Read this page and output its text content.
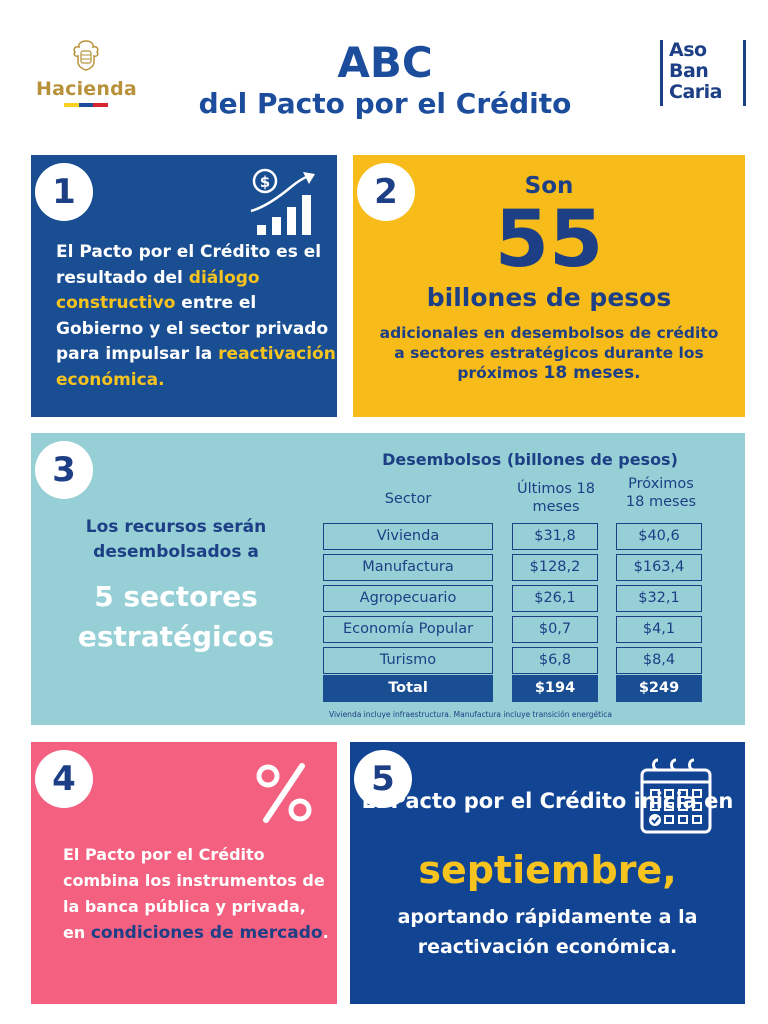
Hacienda
ABC
del Pacto por el Crédito
Aso
Ban
Caria
1	$
El Pacto por el Crédito es el resultado del diálogo constructivo entre el Gobierno y el sector privado para impulsar la reactivación económica.
2	Son
55
billones de pesos
adicionales en desembolsos de crédito a sectores estratégicos durante los próximos 18 meses.
3
Los recursos serán desembolsados a
5 sectores estratégicos
Desembolsos (billones de pesos)
Sector
Últimos 18 meses
Próximos 18 meses
Vivienda	$31,8	$40,6
Manufactura	$128,2	$163,4
Agropecuario	$26,1	$32,1
Economía Popular	$0,7	$4,1
Turismo	$6,8	$8,4
Total	$194	$249
Vivienda incluye infraestructura. Manufactura incluye transición energética
4
El Pacto por el Crédito combina los instrumentos de la banca pública y privada, en condiciones de mercado.
5
El Pacto por el Crédito inicia en
septiembre,
aportando rápidamente a la reactivación económica.
